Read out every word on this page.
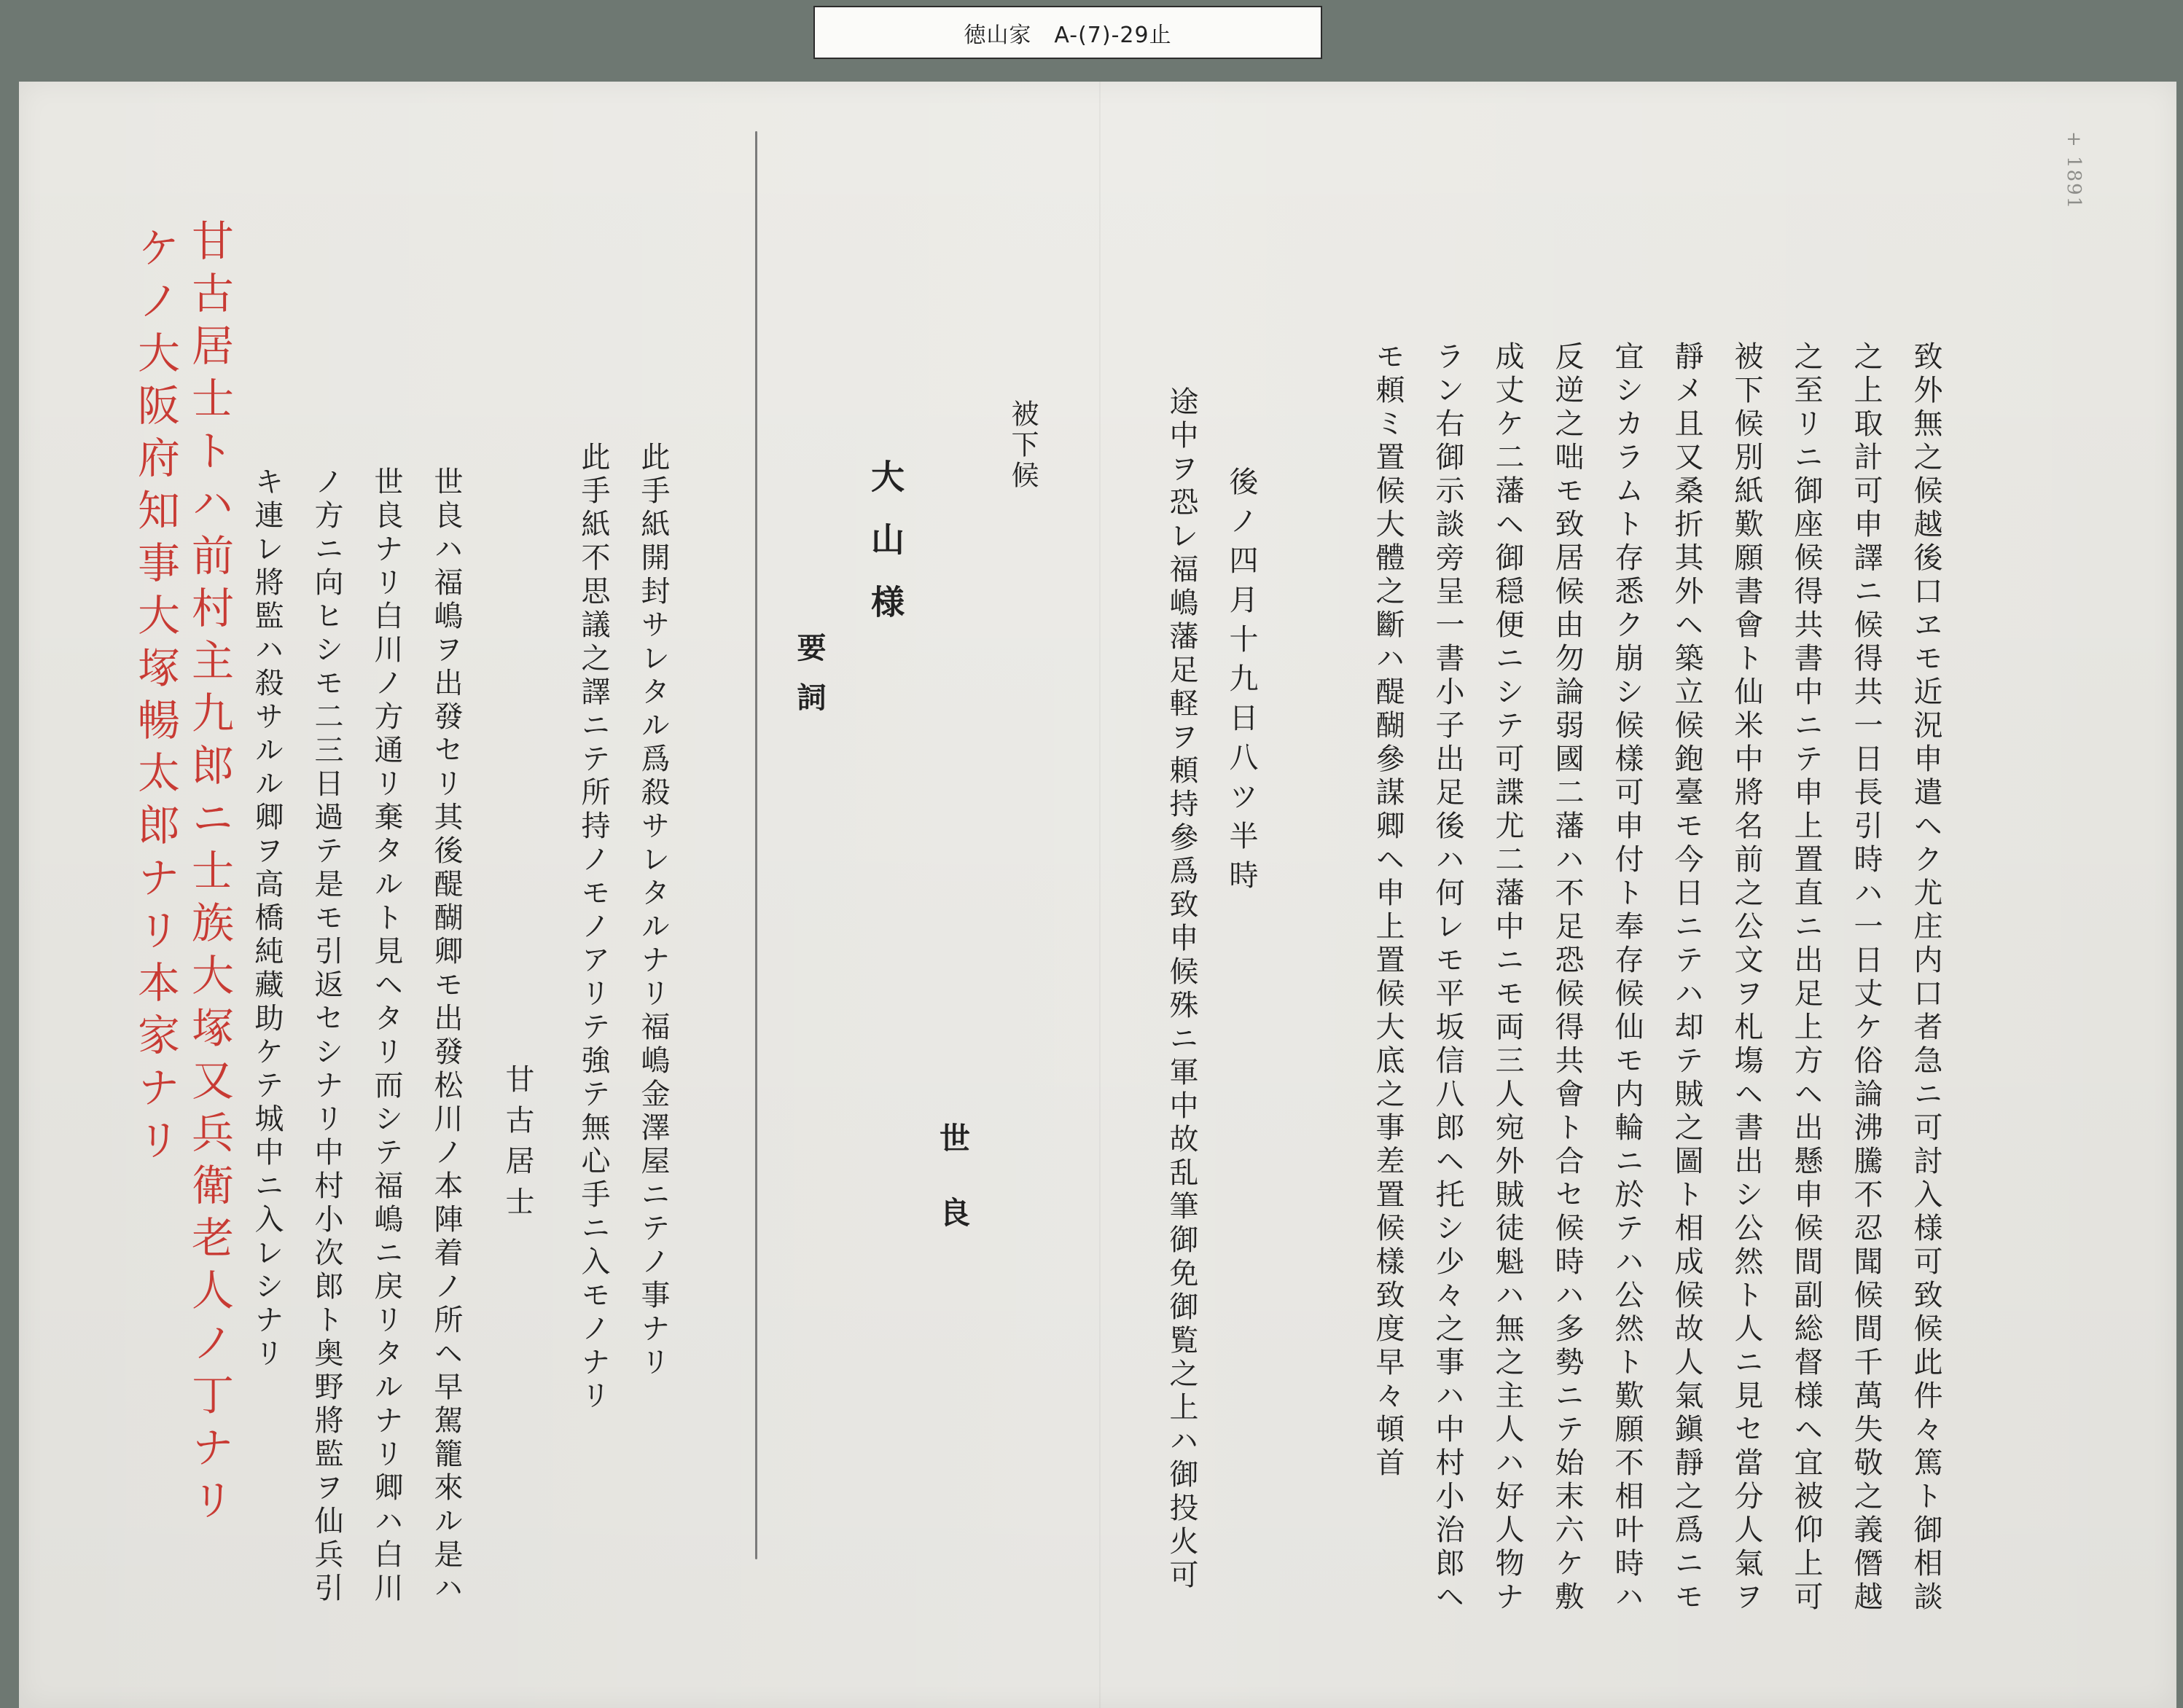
徳山家　A-(7)-29止
+ 1891
致外無之候越後口ヱモ近況申遣ヘク尤庄内口者急ニ可討入様可致候此件々篤ト御相談
之上取計可申譯ニ候得共一日長引時ハ一日丈ケ俗論沸騰不忍聞候間千萬失敬之義僭越
之至リニ御座候得共書中ニテ申上置直ニ出足上方ヘ出懸申候間副総督様ヘ宜被仰上可
被下候別紙歎願書會ト仙米中將名前之公文ヲ札塲ヘ書出シ公然ト人ニ見セ當分人氣ヲ
靜メ且又桑折其外ヘ築立候鉋臺モ今日ニテハ却テ賊之圖ト相成候故人氣鎭靜之爲ニモ
宜シカラムト存悉ク崩シ候樣可申付ト奉存候仙モ内輪ニ於テハ公然ト歎願不相叶時ハ
反逆之咄モ致居候由勿論弱國二藩ハ不足恐候得共會ト合セ候時ハ多勢ニテ始末六ケ敷
成丈ケ二藩ヘ御穏便ニシテ可諜尤二藩中ニモ両三人宛外賊徒魁ハ無之主人ハ好人物ナ
ラン右御示談旁呈一書小子出足後ハ何レモ平坂信八郎ヘ托シ少々之事ハ中村小治郎ヘ
モ頼ミ置候大體之斷ハ醍醐參謀卿ヘ申上置候大底之事差置候樣致度早々頓首
後ノ四月十九日八ツ半時
途中ヲ恐レ福嶋藩足軽ヲ頼持參爲致申候殊ニ軍中故乱筆御免御覧之上ハ御投火可
世良
被下候
大山様
要詞
此手紙開封サレタル爲殺サレタルナリ福嶋金澤屋ニテノ事ナリ
此手紙不思議之譯ニテ所持ノモノアリテ強テ無心手ニ入モノナリ
甘古居士
世良ハ福嶋ヲ出發セリ其後醍醐卿モ出發松川ノ本陣着ノ所ヘ早駕籠來ル是ハ
世良ナリ白川ノ方通リ棄タルト見ヘタリ而シテ福嶋ニ戻リタルナリ卿ハ白川
ノ方ニ向ヒシモ二三日過テ是モ引返セシナリ中村小次郎ト奥野將監ヲ仙兵引
キ連レ將監ハ殺サルル卿ヲ高橋純藏助ケテ城中ニ入レシナリ
甘古居士トハ前村主九郎ニ士族大塚又兵衛老人ノ丁ナリ
ケノ大阪府知事大塚暢太郎ナリ本家ナリ
